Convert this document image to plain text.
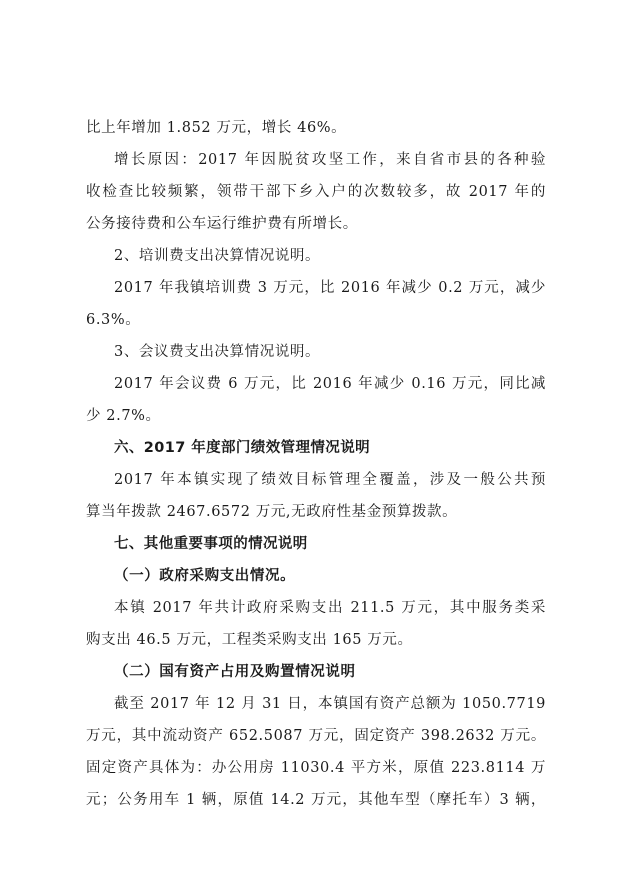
比上年增加 1.852 万元，增长 46%。
增长原因：2017 年因脱贫攻坚工作，来自省市县的各种验
收检查比较频繁，领带干部下乡入户的次数较多，故 2017 年的
公务接待费和公车运行维护费有所增长。
2、培训费支出决算情况说明。
2017 年我镇培训费 3 万元，比 2016 年减少 0.2 万元，减少
6.3%。
3、会议费支出决算情况说明。
2017 年会议费 6 万元，比 2016 年减少 0.16 万元，同比减
少 2.7%。
六、2017 年度部门绩效管理情况说明
2017 年本镇实现了绩效目标管理全覆盖，涉及一般公共预
算当年拨款 2467.6572 万元,无政府性基金预算拨款。
七、其他重要事项的情况说明
（一）政府采购支出情况。
本镇 2017 年共计政府采购支出 211.5 万元，其中服务类采
购支出 46.5 万元，工程类采购支出 165 万元。
（二）国有资产占用及购置情况说明
截至 2017 年 12 月 31 日，本镇国有资产总额为 1050.7719
万元，其中流动资产 652.5087 万元，固定资产 398.2632 万元。
固定资产具体为：办公用房 11030.4 平方米，原值 223.8114 万
元；公务用车 1 辆，原值 14.2 万元，其他车型（摩托车）3 辆，
